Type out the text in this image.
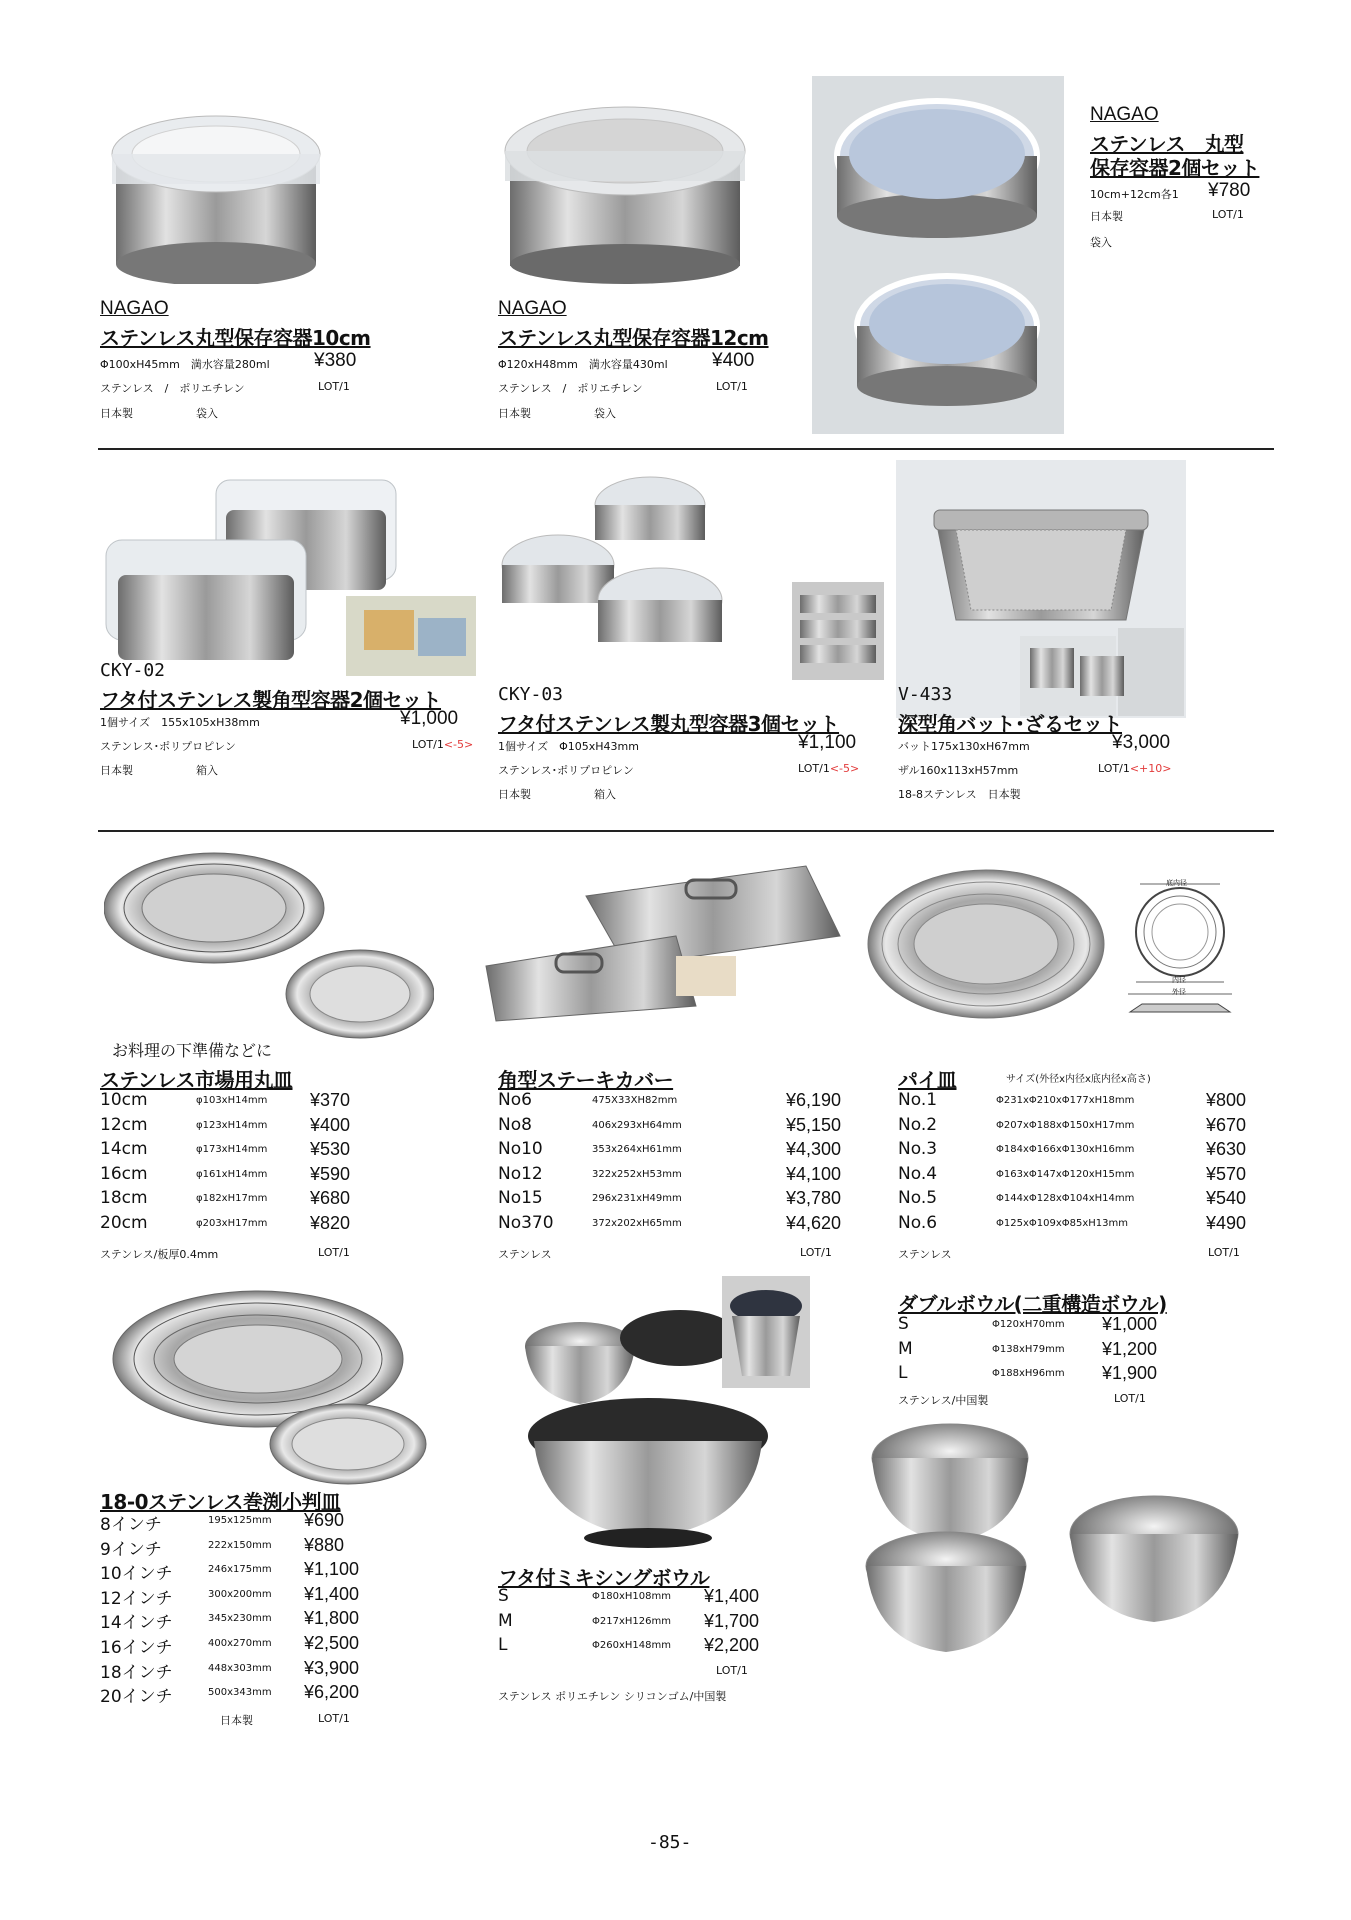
NAGAO
ステンレス丸型保存容器10cm
Φ100xH45mm　満水容量280ml ¥380
ステンレス　/　ポリエチレン	LOT/1
日本製	袋入
NAGAO
ステンレス丸型保存容器12cm
Φ120xH48mm　満水容量430ml ¥400
ステンレス　/　ポリエチレン	LOT/1
日本製	袋入
NAGAO
ステンレス　丸型
保存容器2個セット
10cm+12cm各1 ¥780
日本製	LOT/1
袋入
CKY-02
フタ付ステンレス製角型容器2個セット
1個サイズ　155x105xH38mm	¥1,000
ステンレス･ポリプロピレン	LOT/1<-5>
日本製	箱入
CKY-03
フタ付ステンレス製丸型容器3個セット
1個サイズ　Φ105xH43mm	¥1,100
ステンレス･ポリプロピレン	LOT/1<-5>
日本製	箱入
V-433
深型角バット･ざるセット
バット175x130xH67mm	¥3,000
ザル160x113xH57mm	LOT/1<+10>
18-8ステンレス　日本製
底内径
内径
外径
お料理の下準備などに
ステンレス市場用丸皿
10cm	φ103xH14mm ¥370
12cm	φ123xH14mm ¥400
14cm	φ173xH14mm ¥530
16cm	φ161xH14mm ¥590
18cm	φ182xH17mm ¥680
20cm	φ203xH17mm ¥820
ステンレス/板厚0.4mm	LOT/1
角型ステーキカバー
No6	475X33XH82mm	¥6,190
No8	406x293xH64mm	¥5,150
No10	353x264xH61mm	¥4,300
No12	322x252xH53mm	¥4,100
No15	296x231xH49mm	¥3,780
No370	372x202xH65mm	¥4,620
ステンレス	LOT/1
パイ皿	サイズ(外径x内径x底内径x高さ)
No.1	Φ231xΦ210xΦ177xH18mm	¥800
No.2	Φ207xΦ188xΦ150xH17mm	¥670
No.3	Φ184xΦ166xΦ130xH16mm	¥630
No.4	Φ163xΦ147xΦ120xH15mm	¥570
No.5	Φ144xΦ128xΦ104xH14mm	¥540
No.6	Φ125xΦ109xΦ85xH13mm	¥490
ステンレス	LOT/1
18-0ステンレス巻渕小判皿
8インチ	195x125mm ¥690
9インチ	222x150mm ¥880
10インチ	246x175mm ¥1,100
12インチ	300x200mm ¥1,400
14インチ	345x230mm ¥1,800
16インチ	400x270mm ¥2,500
18インチ	448x303mm ¥3,900
20インチ	500x343mm ¥6,200
日本製	LOT/1
フタ付ミキシングボウル
S	Φ180xH108mm ¥1,400
M	Φ217xH126mm ¥1,700
L	Φ260xH148mm ¥2,200
LOT/1
ステンレス ポリエチレン シリコンゴム/中国製
ダブルボウル(二重構造ボウル)
S	Φ120xH70mm ¥1,000
M	Φ138xH79mm ¥1,200
L	Φ188xH96mm ¥1,900
ステンレス/中国製	LOT/1
-85-
